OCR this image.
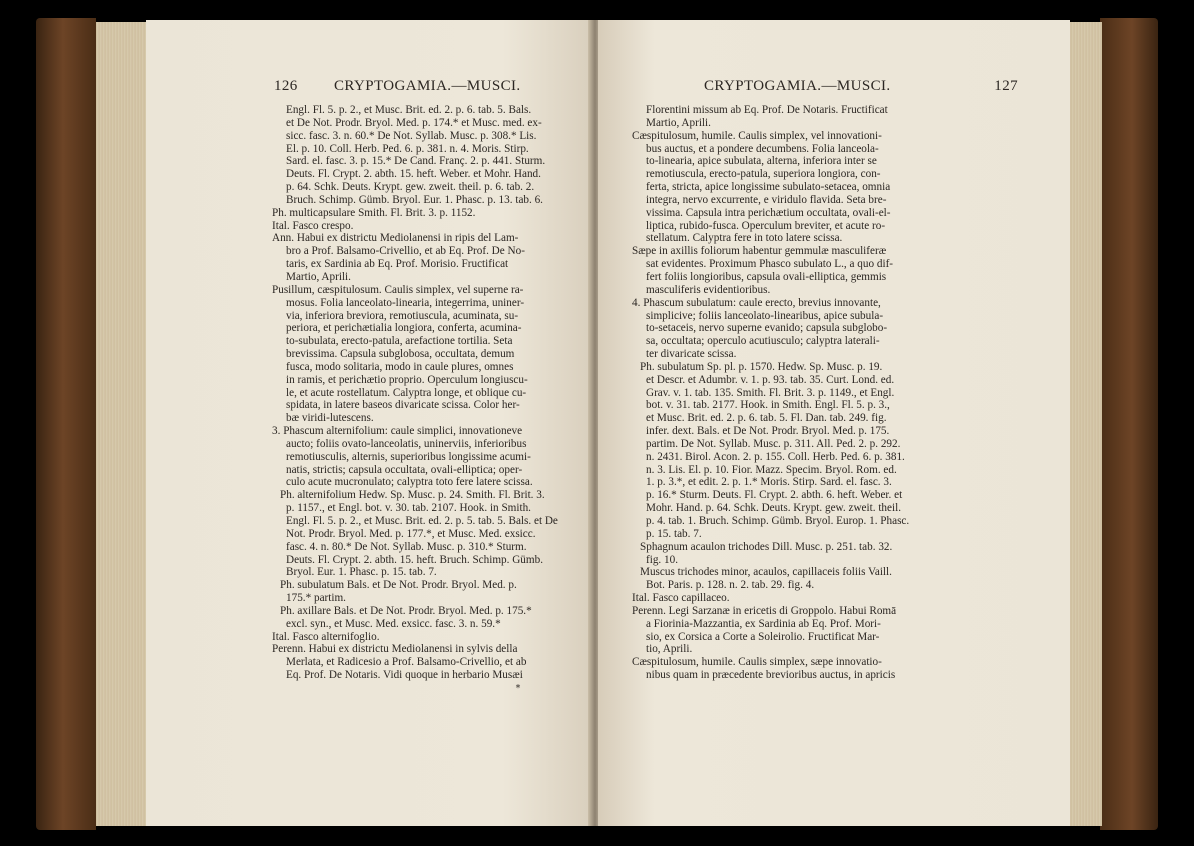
126 CRYPTOGAMIA.—MUSCI.
Engl. Fl. 5. p. 2., et Musc. Brit. ed. 2. p. 6. tab. 5. Bals.
et De Not. Prodr. Bryol. Med. p. 174.* et Musc. med. ex-
sicc. fasc. 3. n. 60.* De Not. Syllab. Musc. p. 308.* Lis.
El. p. 10. Coll. Herb. Ped. 6. p. 381. n. 4. Moris. Stirp.
Sard. el. fasc. 3. p. 15.* De Cand. Franç. 2. p. 441. Sturm.
Deuts. Fl. Crypt. 2. abth. 15. heft. Weber. et Mohr. Hand.
p. 64. Schk. Deuts. Krypt. gew. zweit. theil. p. 6. tab. 2.
Bruch. Schimp. Gümb. Bryol. Eur. 1. Phasc. p. 13. tab. 6.
Ph. multicapsulare Smith. Fl. Brit. 3. p. 1152.
Ital. Fasco crespo.
Ann. Habui ex districtu Mediolanensi in ripis del Lam-
bro a Prof. Balsamo-Crivellio, et ab Eq. Prof. De No-
taris, ex Sardinia ab Eq. Prof. Morisio. Fructificat
Martio, Aprili.
Pusillum, cæspitulosum. Caulis simplex, vel superne ra-
mosus. Folia lanceolato-linearia, integerrima, uniner-
via, inferiora breviora, remotiuscula, acuminata, su-
periora, et perichætialia longiora, conferta, acumina-
to-subulata, erecto-patula, arefactione tortilia. Seta
brevissima. Capsula subglobosa, occultata, demum
fusca, modo solitaria, modo in caule plures, omnes
in ramis, et perichætio proprio. Operculum longiuscu-
le, et acute rostellatum. Calyptra longe, et oblique cu-
spidata, in latere baseos divaricate scissa. Color her-
bæ viridi-lutescens.
3. Phascum alternifolium: caule simplici, innovationeve
aucto; foliis ovato-lanceolatis, uninerviis, inferioribus
remotiusculis, alternis, superioribus longissime acumi-
natis, strictis; capsula occultata, ovali-elliptica; oper-
culo acute mucronulato; calyptra toto fere latere scissa.
Ph. alternifolium Hedw. Sp. Musc. p. 24. Smith. Fl. Brit. 3.
p. 1157., et Engl. bot. v. 30. tab. 2107. Hook. in Smith.
Engl. Fl. 5. p. 2., et Musc. Brit. ed. 2. p. 5. tab. 5. Bals. et De
Not. Prodr. Bryol. Med. p. 177.*, et Musc. Med. exsicc.
fasc. 4. n. 80.* De Not. Syllab. Musc. p. 310.* Sturm.
Deuts. Fl. Crypt. 2. abth. 15. heft. Bruch. Schimp. Gümb.
Bryol. Eur. 1. Phasc. p. 15. tab. 7.
Ph. subulatum Bals. et De Not. Prodr. Bryol. Med. p.
175.* partim.
Ph. axillare Bals. et De Not. Prodr. Bryol. Med. p. 175.*
excl. syn., et Musc. Med. exsicc. fasc. 3. n. 59.*
Ital. Fasco alternifoglio.
Perenn. Habui ex districtu Mediolanensi in sylvis della
Merlata, et Radicesio a Prof. Balsamo-Crivellio, et ab
Eq. Prof. De Notaris. Vidi quoque in herbario Musæi
*
CRYPTOGAMIA.—MUSCI.	127
Florentini missum ab Eq. Prof. De Notaris. Fructificat
Martio, Aprili.
Cæspitulosum, humile. Caulis simplex, vel innovationi-
bus auctus, et a pondere decumbens. Folia lanceola-
to-linearia, apice subulata, alterna, inferiora inter se
remotiuscula, erecto-patula, superiora longiora, con-
ferta, stricta, apice longissime subulato-setacea, omnia
integra, nervo excurrente, e viridulo flavida. Seta bre-
vissima. Capsula intra perichætium occultata, ovali-el-
liptica, rubido-fusca. Operculum breviter, et acute ro-
stellatum. Calyptra fere in toto latere scissa.
Sæpe in axillis foliorum habentur gemmulæ masculiferæ
sat evidentes. Proximum Phasco subulato L., a quo dif-
fert foliis longioribus, capsula ovali-elliptica, gemmis
masculiferis evidentioribus.
4. Phascum subulatum: caule erecto, brevius innovante,
simplicive; foliis lanceolato-linearibus, apice subula-
to-setaceis, nervo superne evanido; capsula subglobo-
sa, occultata; operculo acutiusculo; calyptra laterali-
ter divaricate scissa.
Ph. subulatum Sp. pl. p. 1570. Hedw. Sp. Musc. p. 19.
et Descr. et Adumbr. v. 1. p. 93. tab. 35. Curt. Lond. ed.
Grav. v. 1. tab. 135. Smith. Fl. Brit. 3. p. 1149., et Engl.
bot. v. 31. tab. 2177. Hook. in Smith. Engl. Fl. 5. p. 3.,
et Musc. Brit. ed. 2. p. 6. tab. 5. Fl. Dan. tab. 249. fig.
infer. dext. Bals. et De Not. Prodr. Bryol. Med. p. 175.
partim. De Not. Syllab. Musc. p. 311. All. Ped. 2. p. 292.
n. 2431. Birol. Acon. 2. p. 155. Coll. Herb. Ped. 6. p. 381.
n. 3. Lis. El. p. 10. Fior. Mazz. Specim. Bryol. Rom. ed.
1. p. 3.*, et edit. 2. p. 1.* Moris. Stirp. Sard. el. fasc. 3.
p. 16.* Sturm. Deuts. Fl. Crypt. 2. abth. 6. heft. Weber. et
Mohr. Hand. p. 64. Schk. Deuts. Krypt. gew. zweit. theil.
p. 4. tab. 1. Bruch. Schimp. Gümb. Bryol. Europ. 1. Phasc.
p. 15. tab. 7.
Sphagnum acaulon trichodes Dill. Musc. p. 251. tab. 32.
fig. 10.
Muscus trichodes minor, acaulos, capillaceis foliis Vaill.
Bot. Paris. p. 128. n. 2. tab. 29. fig. 4.
Ital. Fasco capillaceo.
Perenn. Legi Sarzanæ in ericetis di Groppolo. Habui Romā
a Fiorinia-Mazzantia, ex Sardinia ab Eq. Prof. Mori-
sio, ex Corsica a Corte a Soleirolio. Fructificat Mar-
tio, Aprili.
Cæspitulosum, humile. Caulis simplex, sæpe innovatio-
nibus quam in præcedente brevioribus auctus, in apricis
